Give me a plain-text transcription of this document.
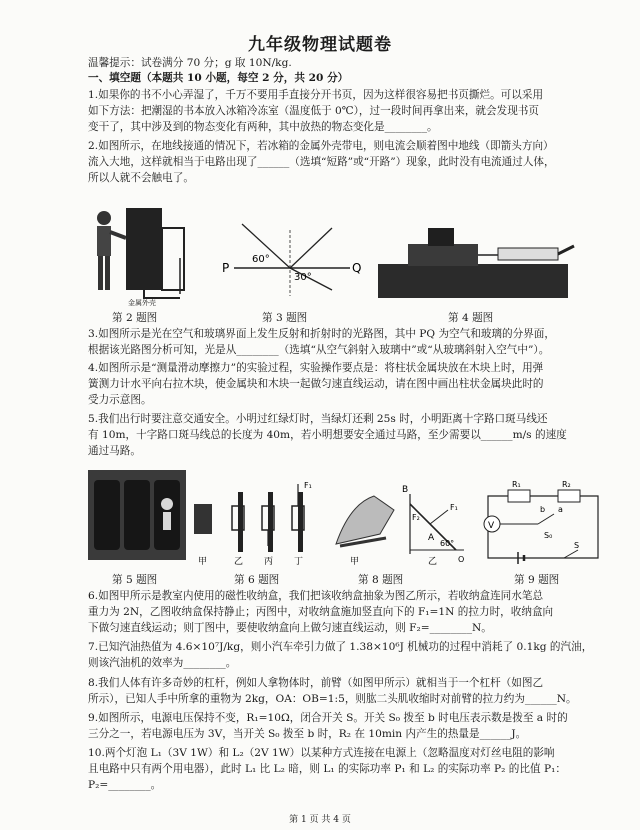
九年级物理试题卷
温馨提示：试卷满分 70 分；g 取 10N/kg.
一、填空题（本题共 10 小题，每空 2 分，共 20 分）
1.如果你的书不小心弄湿了，千万不要用手直接分开书页，因为这样很容易把书页撕烂。可以采用
如下方法：把潮湿的书本放入冰箱冷冻室（温度低于 0℃），过一段时间再拿出来，就会发现书页
变干了，其中涉及到的物态变化有两种，其中放热的物态变化是________。
2.如图所示，在地线接通的情况下，若冰箱的金属外壳带电，则电流会顺着图中地线（即箭头方向）
流入大地，这样就相当于电路出现了______（选填“短路”或“开路”）现象，此时没有电流通过人体，
所以人就不会触电了。
金属外壳
P	Q
60°
30°
第 2 题图	第 3 题图	第 4 题图
3.如图所示是光在空气和玻璃界面上发生反射和折射时的光路图，其中 PQ 为空气和玻璃的分界面，
根据该光路图分析可知，光是从________（选填“从空气斜射入玻璃中”或“从玻璃斜射入空气中”）。
4.如图所示是“测量滑动摩擦力”的实验过程，实验操作要点是：将柱状金属块放在木块上时，用弹
簧测力计水平向右拉木块，使金属块和木块一起做匀速直线运动，请在图中画出柱状金属块此时的
受力示意图。
5.我们出行时要注意交通安全。小明过红绿灯时，当绿灯还剩 25s 时，小明距离十字路口斑马线还
有 10m，十字路口斑马线总的长度为 40m，若小明想要安全通过马路，至少需要以______m/s 的速度
通过马路。
F₁
甲	乙 丙 丁	甲
B
A
O
F₁
F₂
60°
乙
R₁	R₂
V
b a
S₀
S
第 5 题图	第 6 题图	第 8 题图	第 9 题图
6.如图甲所示是教室内使用的磁性收纳盒，我们把该收纳盒抽象为图乙所示，若收纳盒连同水笔总
重力为 2N，乙图收纳盒保持静止；丙图中，对收纳盒施加竖直向下的 F₁=1N 的拉力时，收纳盒向
下做匀速直线运动；则丁图中，要使收纳盒向上做匀速直线运动，则 F₂=________N。
7.已知汽油热值为 4.6×10⁷J/kg，则小汽车牵引力做了 1.38×10⁶J 机械功的过程中消耗了 0.1kg 的汽油，
则该汽油机的效率为________。
8.我们人体有许多奇妙的杠杆，例如人拿物体时，前臂（如图甲所示）就相当于一个杠杆（如图乙
所示），已知人手中所拿的重物为 2kg，OA：OB=1:5，则肱二头肌收缩时对前臂的拉力约为______N。
9.如图所示，电源电压保持不变，R₁=10Ω，闭合开关 S。开关 S₀ 拨至 b 时电压表示数是拨至 a 时的
三分之一，若电源电压为 3V，当开关 S₀ 拨至 b 时，R₂ 在 10min 内产生的热量是______J。
10.两个灯泡 L₁（3V 1W）和 L₂（2V 1W）以某种方式连接在电源上（忽略温度对灯丝电阻的影响
且电路中只有两个用电器），此时 L₁ 比 L₂ 暗，则 L₁ 的实际功率 P₁ 和 L₂ 的实际功率 P₂ 的比值 P₁：
P₂=________。
第 1 页 共 4 页
